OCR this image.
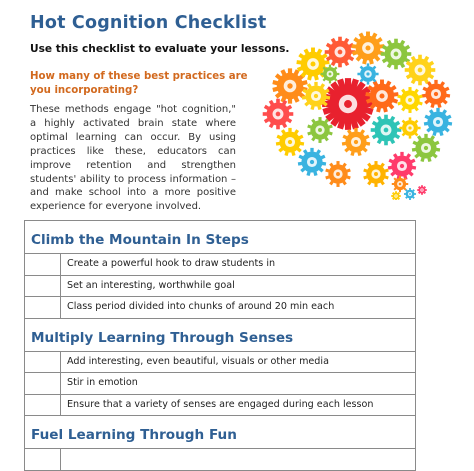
Hot Cognition Checklist
Use this checklist to evaluate your lessons.
How many of these best practices are you incorporating?
These methods engage "hot cognition," a highly activated brain state where optimal learning can occur. By using practices like these, educators can improve retention and strengthen students' ability to process information – and make school into a more positive experience for everyone involved.
Climb the Mountain In Steps
Create a powerful hook to draw students in
Set an interesting, worthwhile goal
Class period divided into chunks of around 20 min each
Multiply Learning Through Senses
Add interesting, even beautiful, visuals or other media
Stir in emotion
Ensure that a variety of senses are engaged during each lesson
Fuel Learning Through Fun
